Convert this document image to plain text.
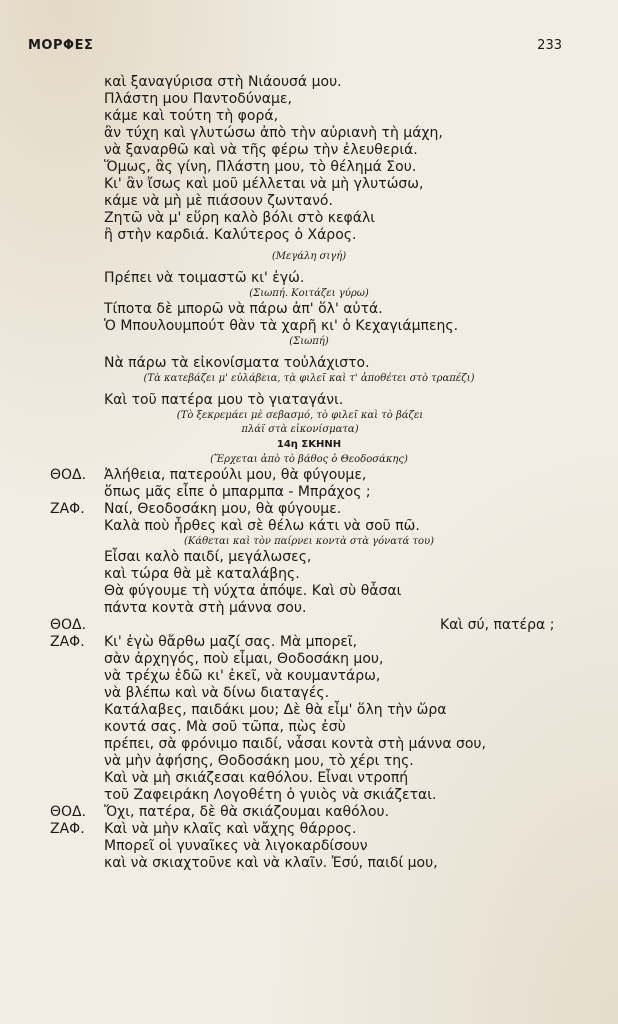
ΜΟΡΦΕΣ	233
καὶ ξαναγύρισα στὴ Νιάουσά μου.
Πλάστη μου Παντοδύναμε,
κάμε καὶ τούτη τὴ φορά,
ἂν τύχη καὶ γλυτώσω ἀπὸ τὴν αὐριανὴ τὴ μάχη,
νὰ ξαναρθῶ καὶ νὰ τῆς φέρω τὴν ἐλευθεριά.
Ὅμως, ἂς γίνη, Πλάστη μου, τὸ θέλημά Σου.
Κι' ἂν ἴσως καὶ μοῦ μέλλεται νὰ μὴ γλυτώσω,
κάμε νὰ μὴ μὲ πιάσουν ζωντανό.
Ζητῶ νὰ μ' εὕρη καλὸ βόλι στὸ κεφάλι
ἢ στὴν καρδιά. Καλύτερος ὁ Χάρος.
(Μεγάλη σιγή)
Πρέπει νὰ τοιμαστῶ κι' ἐγώ.
(Σιωπή. Κοιτάζει γύρω)
Τίποτα δὲ μπορῶ νὰ πάρω ἀπ' ὅλ' αὐτά.
Ὁ Μπουλουμπούτ θὰν τὰ χαρῆ κι' ὁ Κεχαγιάμπεης.
(Σιωπή)
Νὰ πάρω τὰ εἰκονίσματα τοὐλάχιστο.
(Τὰ κατεβάζει μ' εὐλάβεια, τὰ φιλεῖ καὶ τ' ἀποθέτει στὸ τραπέζι)
Καὶ τοῦ πατέρα μου τὸ γιαταγάνι.
(Τὸ ξεκρεμάει μὲ σεβασμό, τὸ φιλεῖ καὶ τὸ βάζει
πλάϊ στὰ εἰκονίσματα)
14η ΣΚΗΝΗ
(Ἔρχεται ἀπὸ τὸ βάθος ὁ Θεοδοσάκης)
ΘΟΔ. Ἀλήθεια, πατερούλι μου, θὰ φύγουμε,
ὅπως μᾶς εἶπε ὁ μπαρμπα - Μπράχος ;
ΖΑΦ. Ναί, Θεοδοσάκη μου, θὰ φύγουμε.
Καλὰ ποὺ ἦρθες καὶ σὲ θέλω κάτι νὰ σοῦ πῶ.
(Κάθεται καὶ τὸν παίρνει κοντὰ στὰ γόνατά του)
Εἶσαι καλὸ παιδί, μεγάλωσες,
καὶ τώρα θὰ μὲ καταλάβης.
Θὰ φύγουμε τὴ νύχτα ἀπόψε. Καὶ σὺ θἆσαι
πάντα κοντὰ στὴ μάννα σου.
ΘΟΔ.	Καὶ σύ, πατέρα ;
ΖΑΦ. Κι' ἐγὼ θἄρθω μαζί σας. Μὰ μπορεῖ,
σὰν ἀρχηγός, ποὺ εἶμαι, Θοδοσάκη μου,
νὰ τρέχω ἐδῶ κι' ἐκεῖ, νὰ κουμαντάρω,
νὰ βλέπω καὶ νὰ δίνω διαταγές.
Κατάλαβες, παιδάκι μου; Δὲ θὰ εἶμ' ὅλη τὴν ὥρα
κοντά σας. Μὰ σοῦ τῶπα, πὼς ἐσὺ
πρέπει, σὰ φρόνιμο παιδί, νἆσαι κοντὰ στὴ μάννα σου,
νὰ μὴν ἀφήσης, Θοδοσάκη μου, τὸ χέρι της.
Καὶ νὰ μὴ σκιάζεσαι καθόλου. Εἶναι ντροπή
τοῦ Ζαφειράκη Λογοθέτη ὁ γυιὸς νὰ σκιάζεται.
ΘΟΔ. Ὄχι, πατέρα, δὲ θὰ σκιάζουμαι καθόλου.
ΖΑΦ. Καὶ νὰ μὴν κλαῖς καὶ νἄχης θάρρος.
Μπορεῖ οἱ γυναῖκες νὰ λιγοκαρδίσουν
καὶ νὰ σκιαχτοῦνε καὶ νὰ κλαῖν. Ἐσύ, παιδί μου,
